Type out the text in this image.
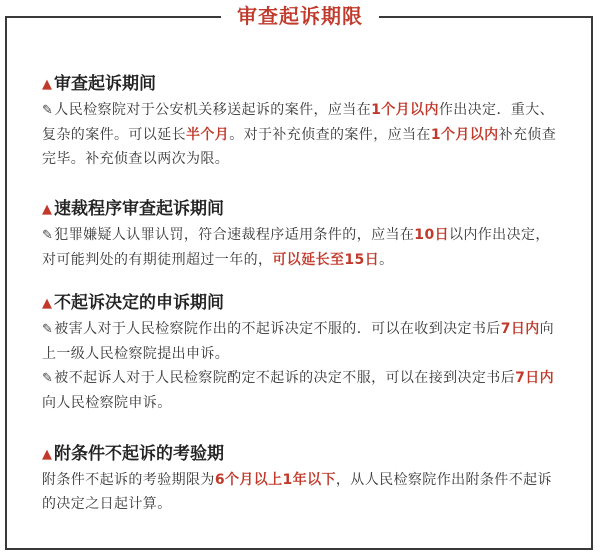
审查起诉期限
▲ 审查起诉期间
✎人民检察院对于公安机关移送起诉的案件，应当在1个月以内作出决定．重大、复杂的案件。可以延长半个月。对于补充侦查的案件，应当在1个月以内补充侦查完毕。补充侦查以两次为限。
▲ 速裁程序审查起诉期间
✎犯罪嫌疑人认罪认罚，符合速裁程序适用条件的，应当在10日以内作出决定，对可能判处的有期徒刑超过一年的，可以延长至15日。
▲ 不起诉决定的申诉期间
✎被害人对于人民检察院作出的不起诉决定不服的．可以在收到决定书后7日内向上一级人民检察院提出申诉。
✎被不起诉人对于人民检察院酌定不起诉的决定不服，可以在接到决定书后7日内向人民检察院申诉。
▲ 附条件不起诉的考验期
附条件不起诉的考验期限为6个月以上1年以下，从人民检察院作出附条件不起诉的决定之日起计算。
